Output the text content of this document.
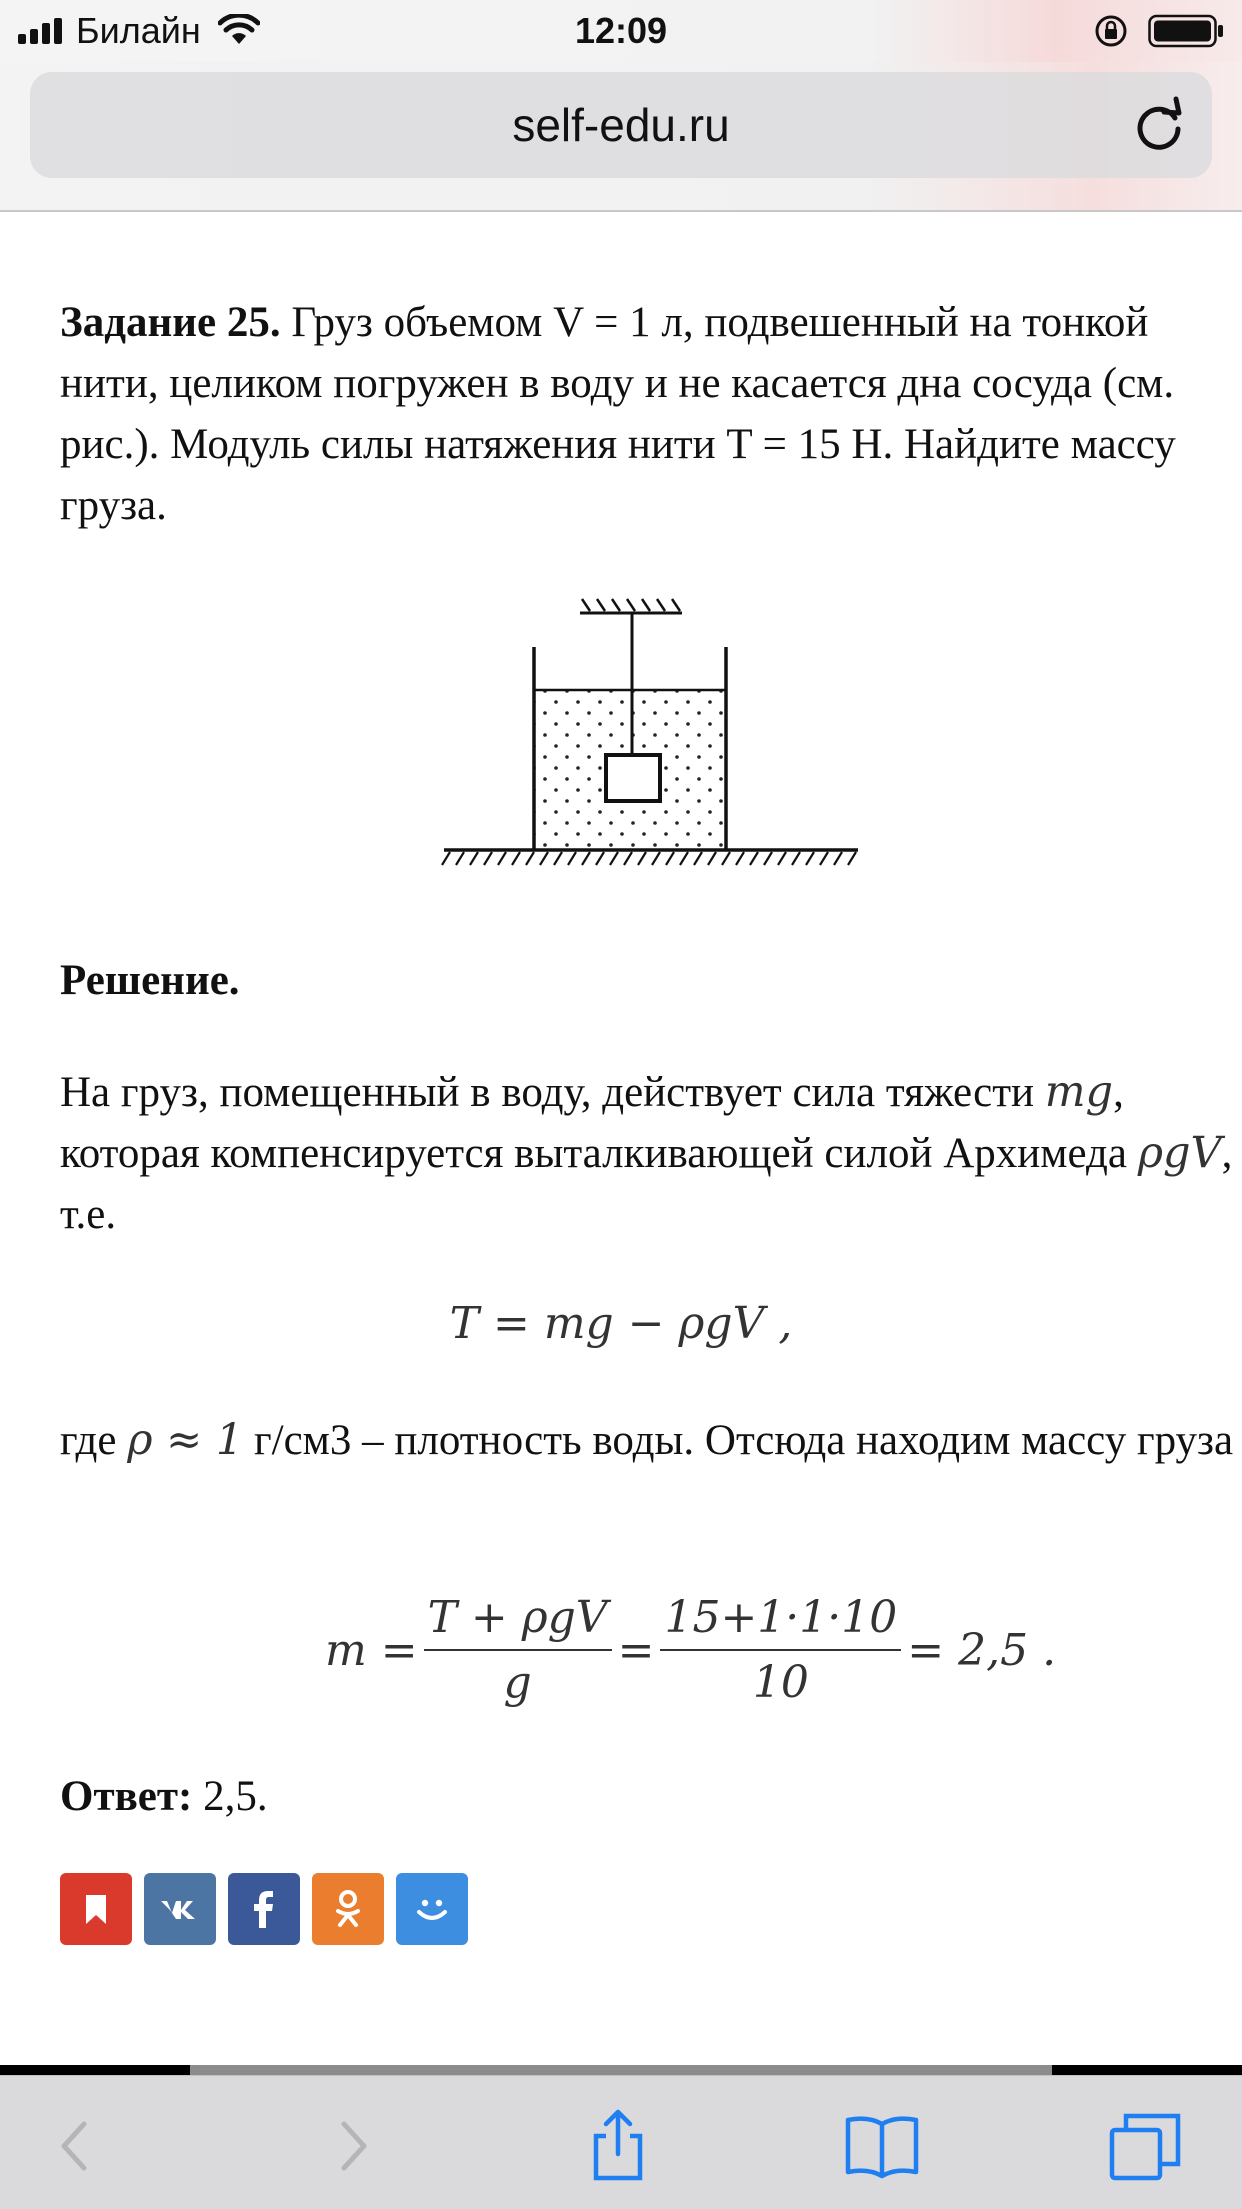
Билайн	12:09
self-edu.ru

Задание 25. Груз объемом V = 1 л, подвешенный на тонкой нити, целиком погружен в воду и не касается дна сосуда (см. рис.). Модуль силы натяжения нити T = 15 Н. Найдите массу груза.

Решение.

На груз, помещенный в воду, действует сила тяжести mg, которая компенсируется выталкивающей силой Архимеда ρgV, т.е.

T = mg − ρgV ,

где ρ ≈ 1 г/см3 – плотность воды. Отсюда находим массу груза

$m = \frac{\text{T + ρgV}}{g} = \frac{15+1\cdot 1\cdot 10}{10} = 2,5$ .

Ответ: 2,5.
